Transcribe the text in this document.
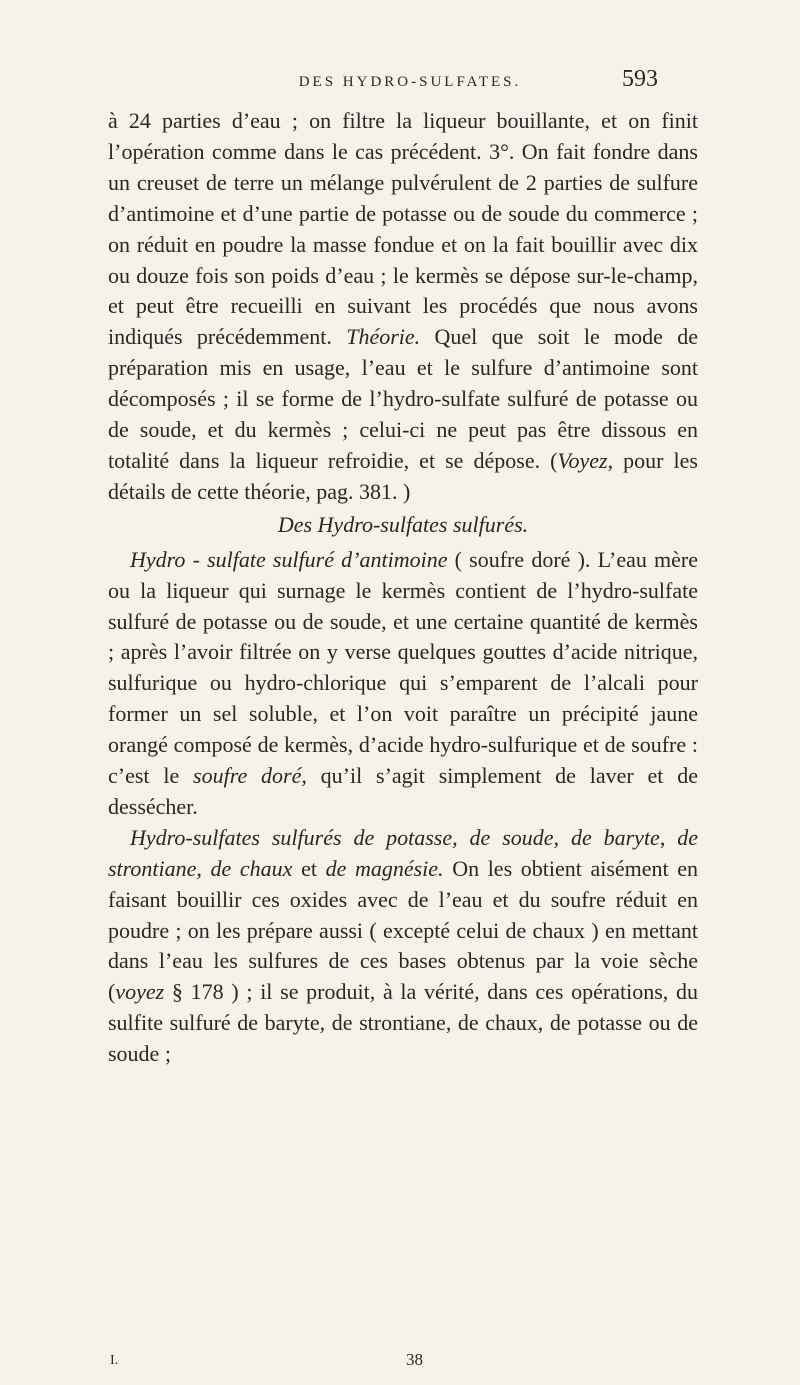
DES HYDRO-SULFATES.	593

à 24 parties d’eau ; on filtre la liqueur bouillante, et on finit l’opération comme dans le cas précédent. 3°. On fait fondre dans un creuset de terre un mélange pulvérulent de 2 parties de sulfure d’antimoine et d’une partie de potasse ou de soude du commerce ; on réduit en poudre la masse fondue et on la fait bouillir avec dix ou douze fois son poids d’eau ; le kermès se dépose sur-le-champ, et peut être recueilli en suivant les procédés que nous avons indiqués précédemment. Théorie. Quel que soit le mode de préparation mis en usage, l’eau et le sulfure d’antimoine sont décomposés ; il se forme de l’hydro-sulfate sulfuré de potasse ou de soude, et du kermès ; celui-ci ne peut pas être dissous en totalité dans la liqueur refroidie, et se dépose. (Voyez, pour les détails de cette théorie, pag. 381. )

Des Hydro-sulfates sulfurés.

 Hydro - sulfate sulfuré d’antimoine ( soufre doré ). L’eau mère ou la liqueur qui surnage le kermès contient de l’hydro-sulfate sulfuré de potasse ou de soude, et une certaine quantité de kermès ; après l’avoir filtrée on y verse quelques gouttes d’acide nitrique, sulfurique ou hydro-chlorique qui s’emparent de l’alcali pour former un sel soluble, et l’on voit paraître un précipité jaune orangé composé de kermès, d’acide hydro-sulfurique et de soufre : c’est le soufre doré, qu’il s’agit simplement de laver et de dessécher.

 Hydro-sulfates sulfurés de potasse, de soude, de baryte, de strontiane, de chaux et de magnésie. On les obtient aisément en faisant bouillir ces oxides avec de l’eau et du soufre réduit en poudre ; on les prépare aussi ( excepté celui de chaux ) en mettant dans l’eau les sulfures de ces bases obtenus par la voie sèche (voyez § 178 ) ; il se produit, à la vérité, dans ces opérations, du sulfite sulfuré de baryte, de strontiane, de chaux, de potasse ou de soude ;

I.	38
